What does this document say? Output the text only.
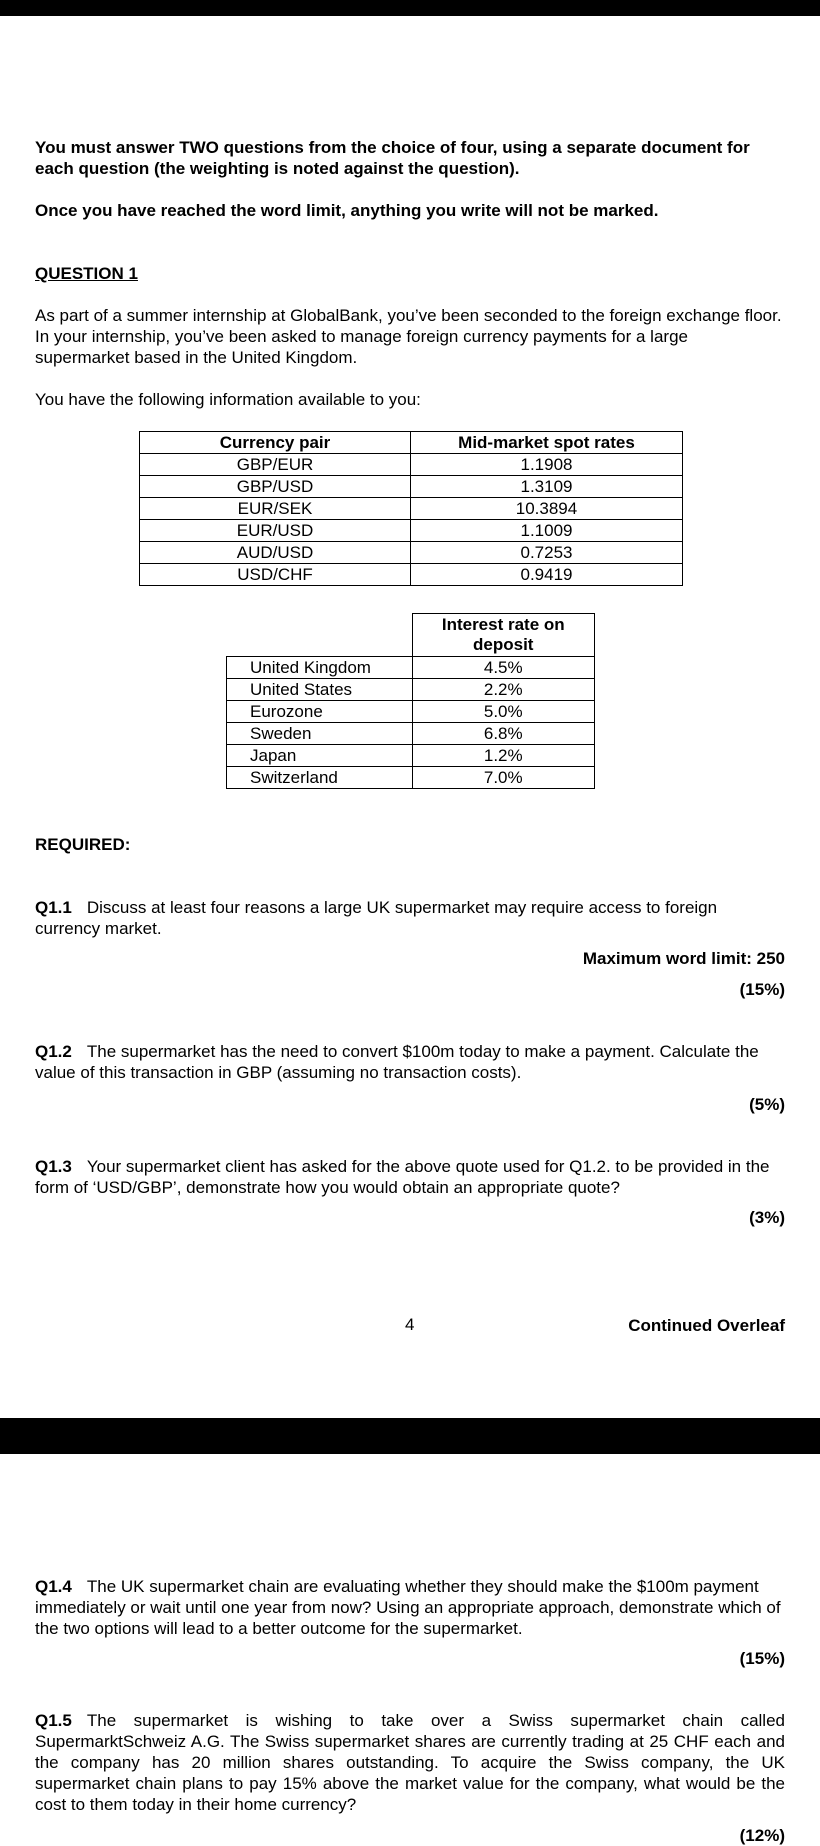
You must answer TWO questions from the choice of four, using a separate document for each question (the weighting is noted against the question).
Once you have reached the word limit, anything you write will not be marked.
QUESTION 1
As part of a summer internship at GlobalBank, you’ve been seconded to the foreign exchange floor. In your internship, you’ve been asked to manage foreign currency payments for a large supermarket based in the United Kingdom.
You have the following information available to you:
Currency pair	Mid-market spot rates
GBP/EUR	1.1908
GBP/USD	1.3109
EUR/SEK	10.3894
EUR/USD	1.1009
AUD/USD	0.7253
USD/CHF	0.9419
	Interest rate on deposit
United Kingdom	4.5%
United States	2.2%
Eurozone	5.0%
Sweden	6.8%
Japan	1.2%
Switzerland	7.0%
REQUIRED:
Q1.1 Discuss at least four reasons a large UK supermarket may require access to foreign currency market.
Maximum word limit: 250
(15%)
Q1.2 The supermarket has the need to convert $100m today to make a payment. Calculate the value of this transaction in GBP (assuming no transaction costs).
(5%)
Q1.3 Your supermarket client has asked for the above quote used for Q1.2. to be provided in the form of ‘USD/GBP’, demonstrate how you would obtain an appropriate quote?
(3%)
4	Continued Overleaf
Q1.4 The UK supermarket chain are evaluating whether they should make the $100m payment immediately or wait until one year from now? Using an appropriate approach, demonstrate which of the two options will lead to a better outcome for the supermarket.
(15%)
Q1.5 The supermarket is wishing to take over a Swiss supermarket chain called SupermarktSchweiz A.G. The Swiss supermarket shares are currently trading at 25 CHF each and the company has 20 million shares outstanding. To acquire the Swiss company, the UK supermarket chain plans to pay 15% above the market value for the company, what would be the cost to them today in their home currency?
(12%)
